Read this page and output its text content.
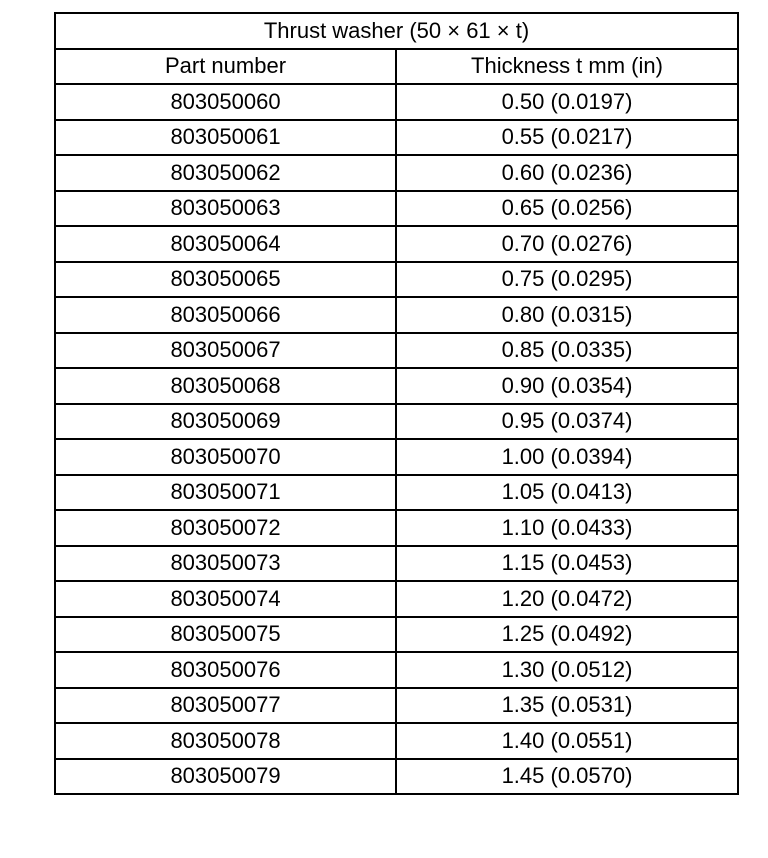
Thrust washer (50 × 61 × t)	
Part number	Thickness t mm (in)
803050060	0.50 (0.0197)
803050061	0.55 (0.0217)
803050062	0.60 (0.0236)
803050063	0.65 (0.0256)
803050064	0.70 (0.0276)
803050065	0.75 (0.0295)
803050066	0.80 (0.0315)
803050067	0.85 (0.0335)
803050068	0.90 (0.0354)
803050069	0.95 (0.0374)
803050070	1.00 (0.0394)
803050071	1.05 (0.0413)
803050072	1.10 (0.0433)
803050073	1.15 (0.0453)
803050074	1.20 (0.0472)
803050075	1.25 (0.0492)
803050076	1.30 (0.0512)
803050077	1.35 (0.0531)
803050078	1.40 (0.0551)
803050079	1.45 (0.0570)
